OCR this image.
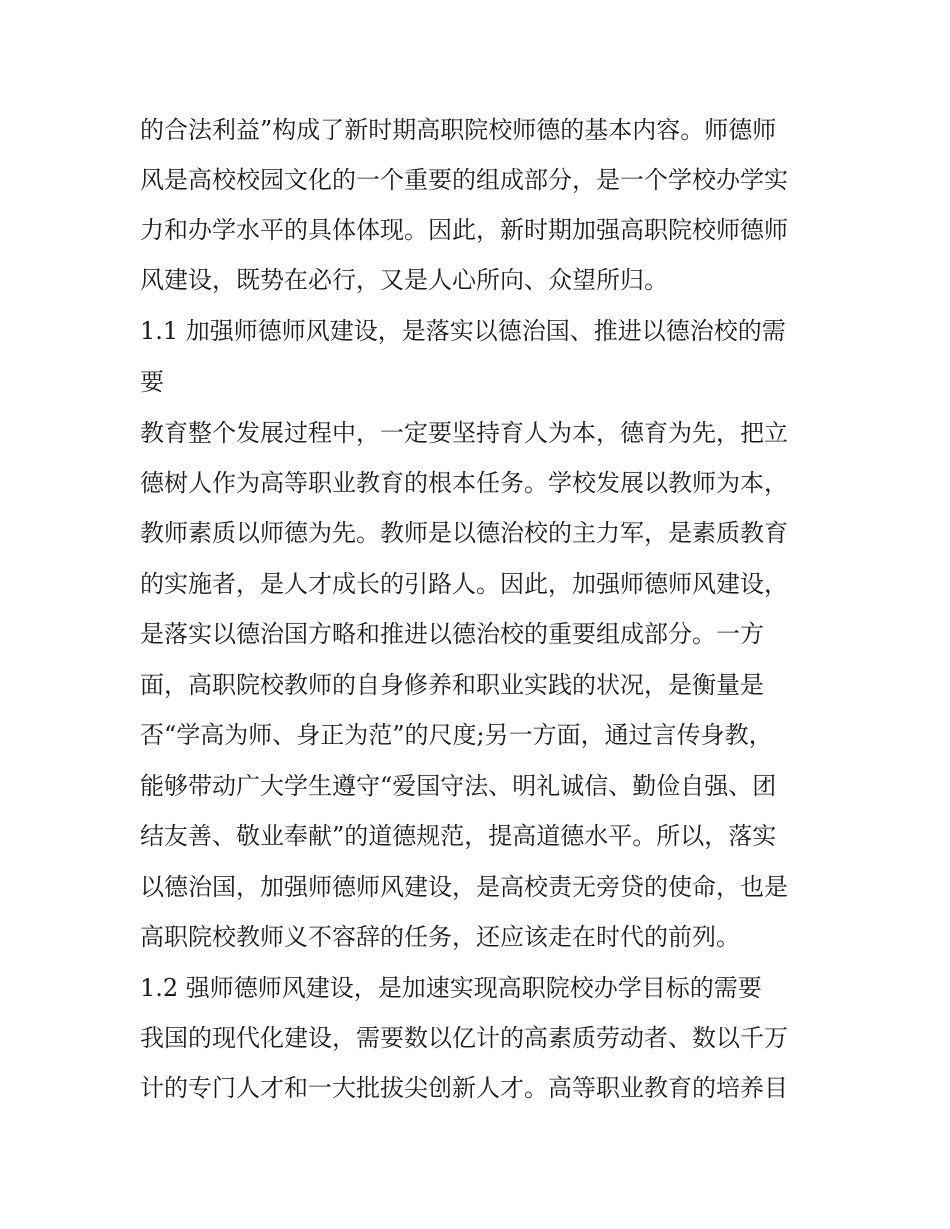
的合法利益”构成了新时期高职院校师德的基本内容。师德师
风是高校校园文化的一个重要的组成部分，是一个学校办学实
力和办学水平的具体体现。因此，新时期加强高职院校师德师
风建设，既势在必行，又是人心所向、众望所归。
1.1 加强师德师风建设，是落实以德治国、推进以德治校的需
要
教育整个发展过程中，一定要坚持育人为本，德育为先，把立
德树人作为高等职业教育的根本任务。学校发展以教师为本，
教师素质以师德为先。教师是以德治校的主力军，是素质教育
的实施者，是人才成长的引路人。因此，加强师德师风建设，
是落实以德治国方略和推进以德治校的重要组成部分。一方
面，高职院校教师的自身修养和职业实践的状况，是衡量是
否“学高为师、身正为范”的尺度;另一方面，通过言传身教，
能够带动广大学生遵守“爱国守法、明礼诚信、勤俭自强、团
结友善、敬业奉献”的道德规范，提高道德水平。所以，落实
以德治国，加强师德师风建设，是高校责无旁贷的使命，也是
高职院校教师义不容辞的任务，还应该走在时代的前列。
1.2 强师德师风建设，是加速实现高职院校办学目标的需要
我国的现代化建设，需要数以亿计的高素质劳动者、数以千万
计的专门人才和一大批拔尖创新人才。高等职业教育的培养目
